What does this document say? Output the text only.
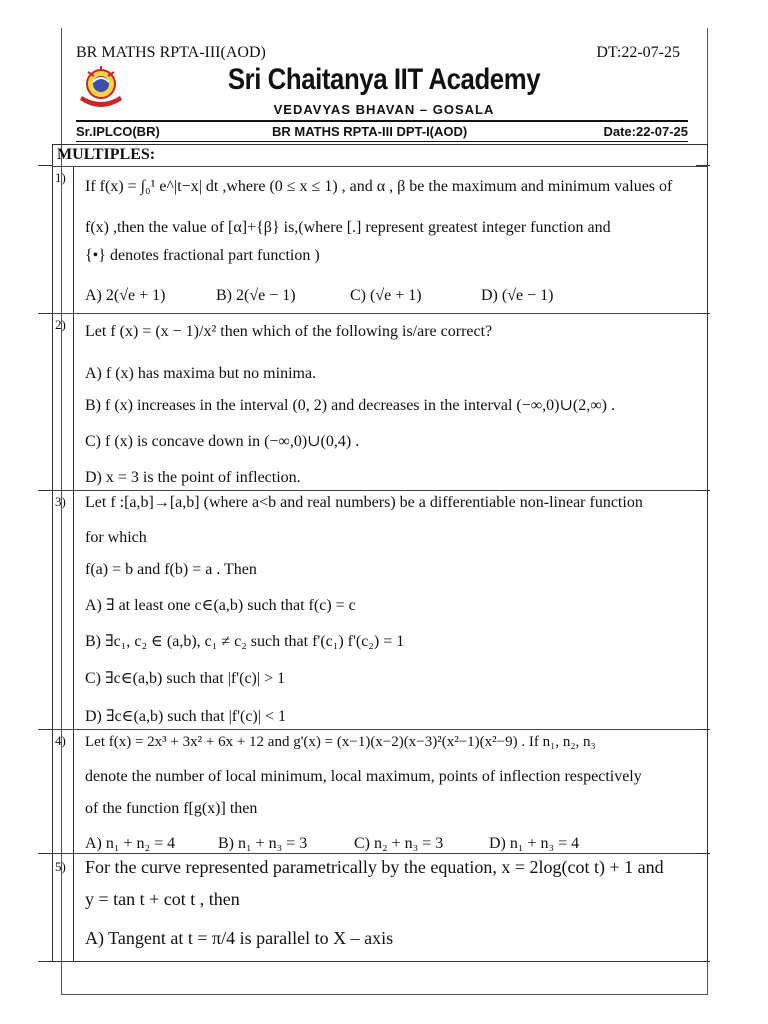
BR MATHS RPTA-III(AOD)	DT:22-07-25
Sri Chaitanya IIT Academy
VEDAVYAS BHAVAN – GOSALA
Sr.IPLCO(BR)	BR MATHS RPTA-III DPT-I(AOD)	Date:22-07-25
MULTIPLES:
1)
If f(x) = ∫₀¹ e^|t−x| dt ,where (0 ≤ x ≤ 1) , and α , β be the maximum and minimum values of
f(x) ,then the value of [α]+{β} is,(where [.] represent greatest integer function and
{•} denotes fractional part function )
A) 2(√e + 1)	B) 2(√e − 1)	C) (√e + 1)	D) (√e − 1)
2)	Let f (x) = (x − 1)/x² then which of the following is/are correct?
A) f (x) has maxima but no minima.
B) f (x) increases in the interval (0, 2) and decreases in the interval (−∞,0)∪(2,∞) .
C) f (x) is concave down in (−∞,0)∪(0,4) .
D) x = 3 is the point of inflection.
3)	Let f :[a,b]→[a,b] (where a<b and real numbers) be a differentiable non-linear function
for which
f(a) = b and f(b) = a . Then
A) ∃ at least one c∈(a,b) such that f(c) = c
B) ∃c₁, c₂ ∈ (a,b), c₁ ≠ c₂ such that f'(c₁) f'(c₂) = 1
C) ∃c∈(a,b) such that |f'(c)| > 1
D) ∃c∈(a,b) such that |f'(c)| < 1
4)	Let f(x) = 2x³ + 3x² + 6x + 12 and g'(x) = (x−1)(x−2)(x−3)²(x²−1)(x²−9) . If n₁, n₂, n₃
denote the number of local minimum, local maximum, points of inflection respectively
of the function f[g(x)] then
A) n₁ + n₂ = 4	B) n₁ + n₃ = 3	C) n₂ + n₃ = 3	D) n₁ + n₃ = 4
5)	For the curve represented parametrically by the equation, x = 2log(cot t) + 1 and
y = tan t + cot t , then
A) Tangent at t = π/4 is parallel to X – axis
